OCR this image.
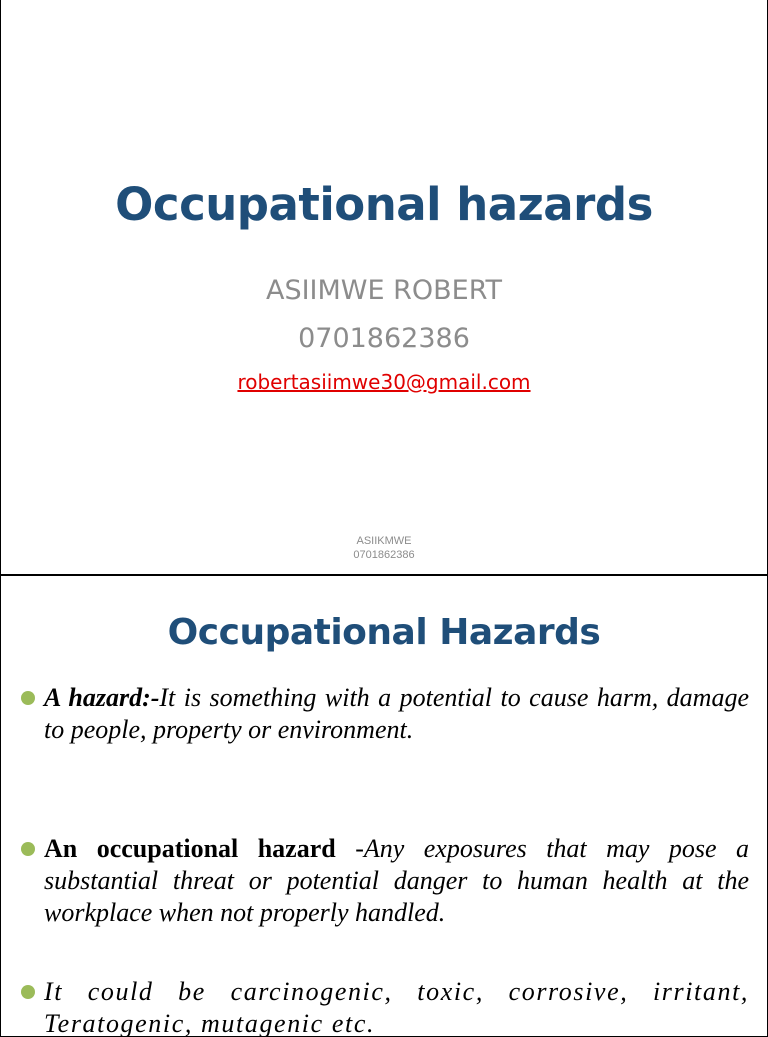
Occupational hazards
ASIIMWE ROBERT
0701862386
robertasiimwe30@gmail.com
ASIIKMWE
0701862386
Occupational Hazards
A hazard:-It is something with a potential to cause harm, damage to people, property or environment.
An occupational hazard -Any exposures that may pose a substantial threat or potential danger to human health at the workplace when not properly handled.
It could be carcinogenic, toxic, corrosive, irritant, Teratogenic, mutagenic etc.
